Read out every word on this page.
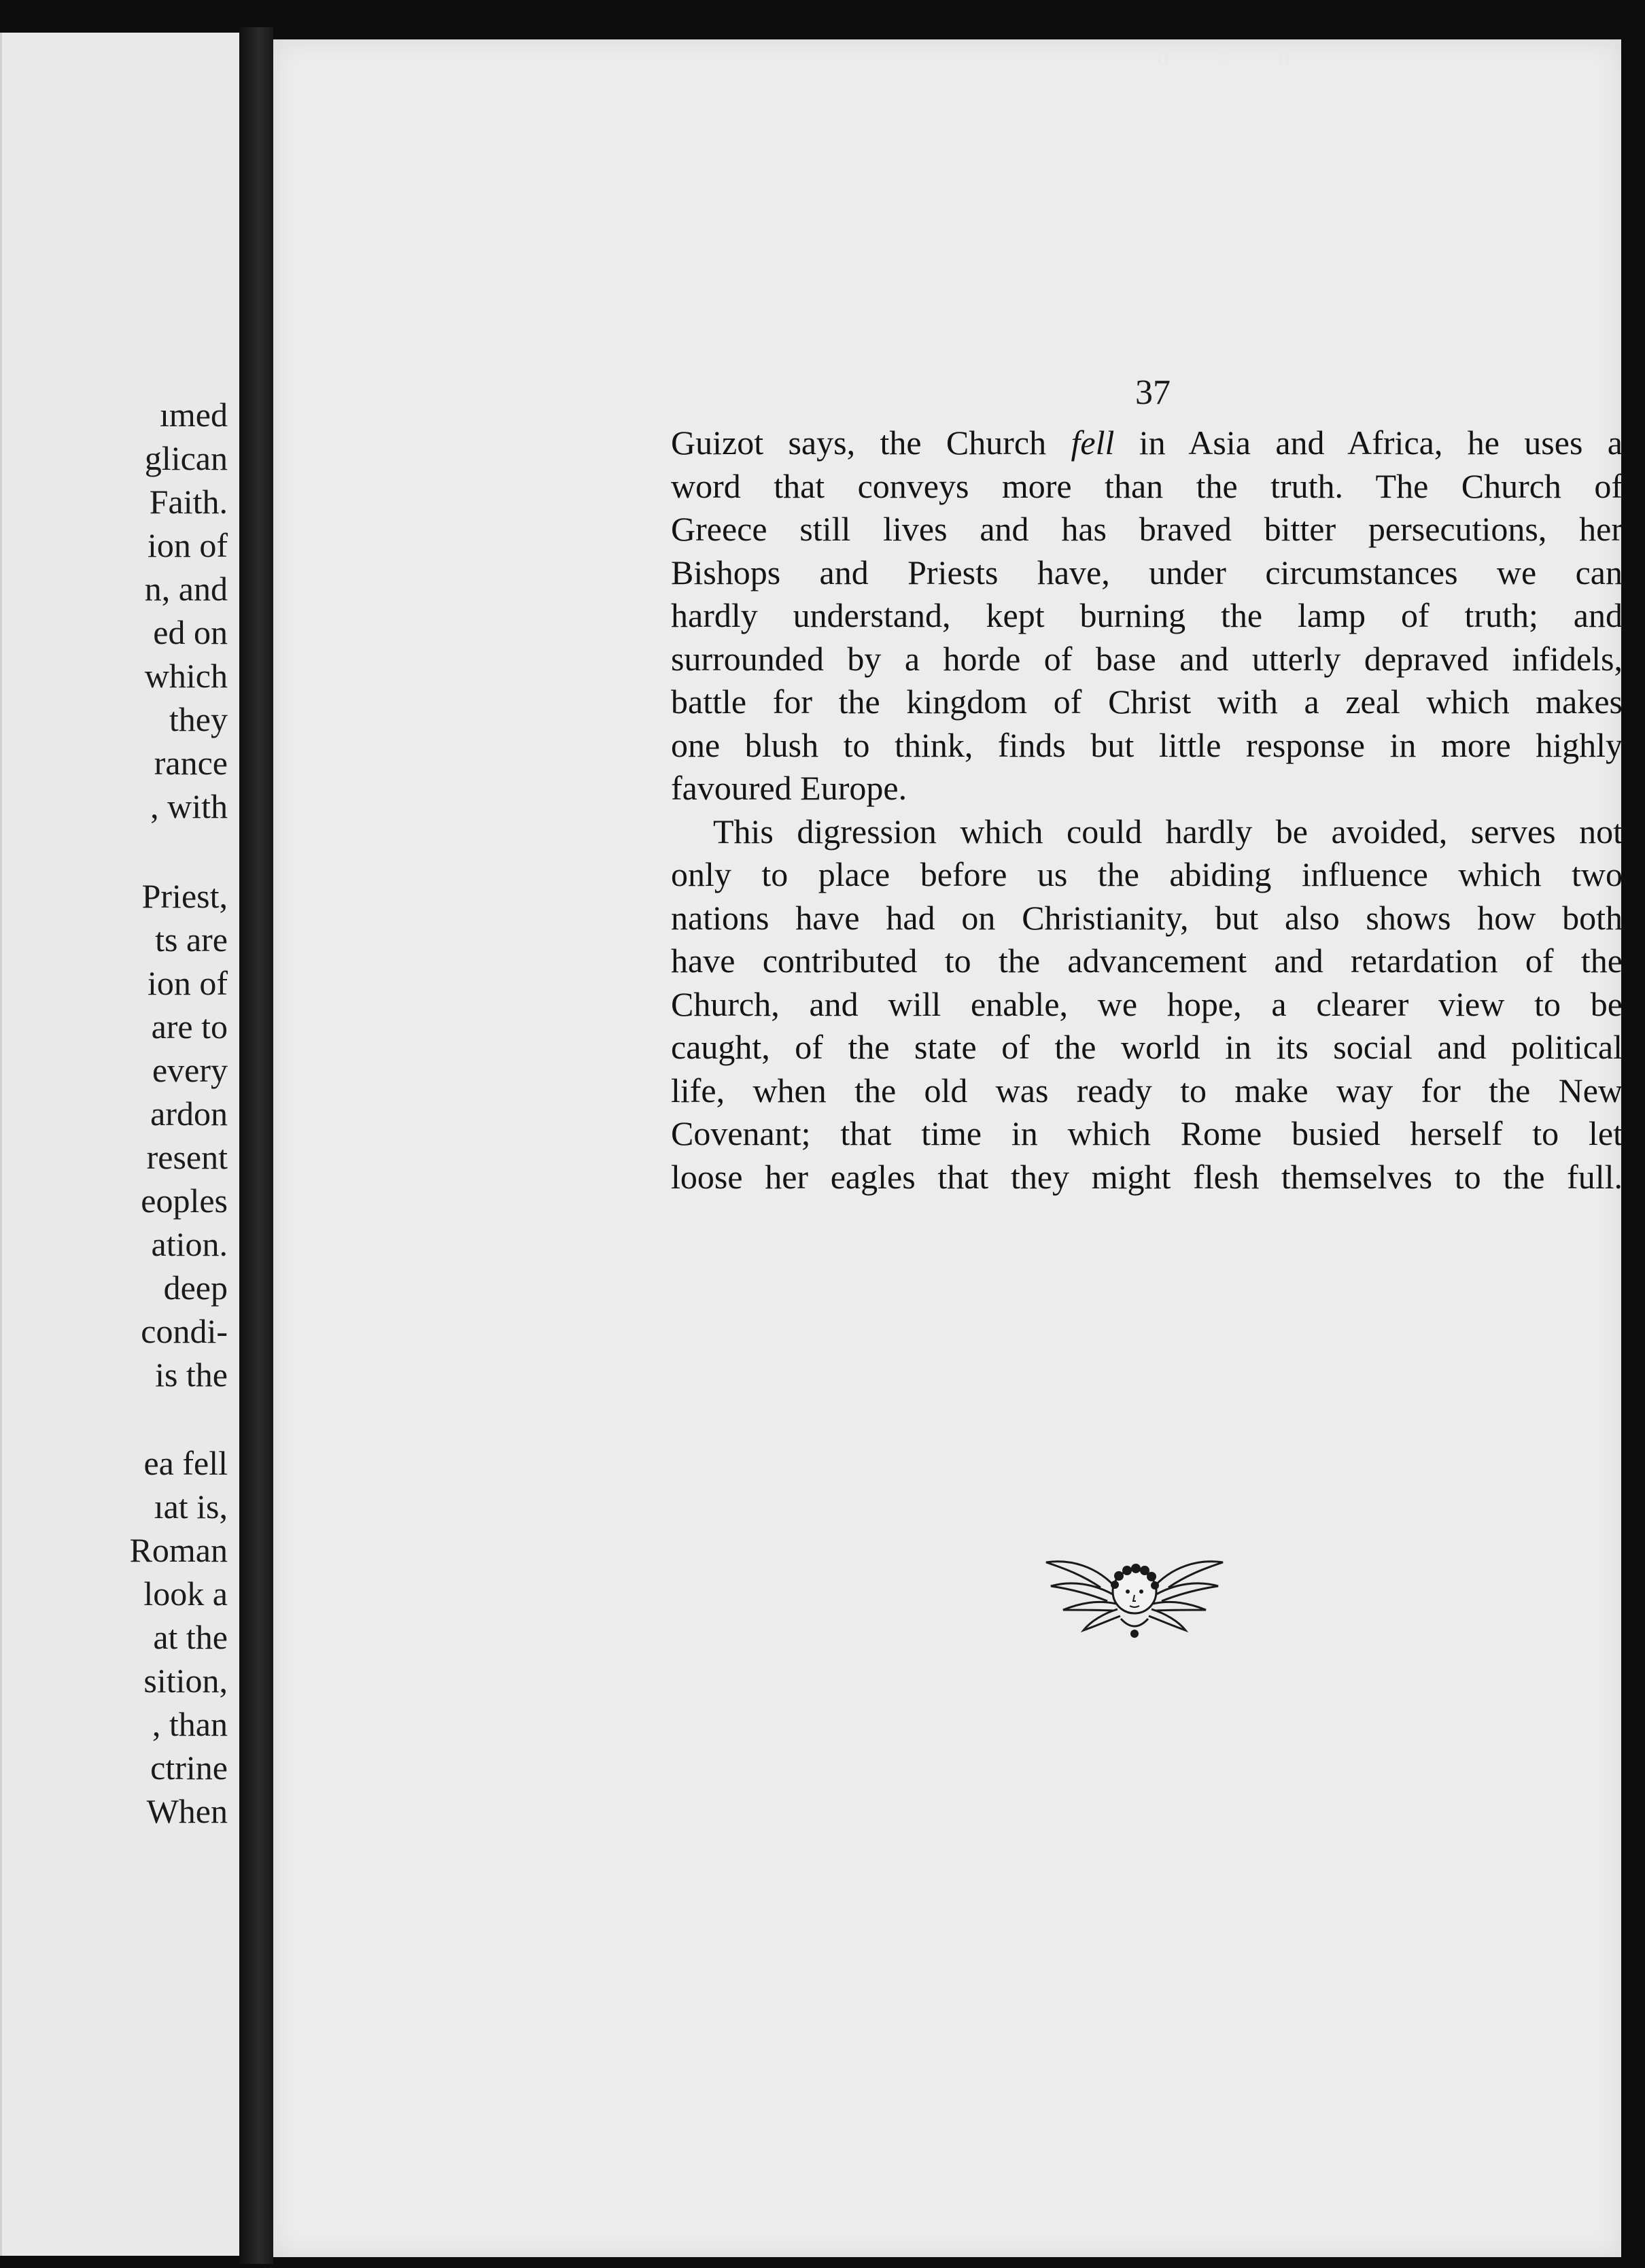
ımed
glican
Faith.
ion of
n, and
ed on
which
they
rance
, with
Priest,
ts are
ion of
are to
every
ardon
resent
eoples
ation.
deep
condi-
is the
ea fell
ıat is,
Roman
look a
at the
sition,
, than
ctrine
When
ɑ ◌ ɑ
37
Guizot says, the Church fell in Asia and Africa, he uses a
word that conveys more than the truth. The Church of
Greece still lives and has braved bitter persecutions, her
Bishops and Priests have, under circumstances we can
hardly understand, kept burning the lamp of truth; and
surrounded by a horde of base and utterly depraved infidels,
battle for the kingdom of Christ with a zeal which makes
one blush to think, finds but little response in more highly
favoured Europe.
This digression which could hardly be avoided, serves not
only to place before us the abiding influence which two
nations have had on Christianity, but also shows how both
have contributed to the advancement and retardation of the
Church, and will enable, we hope, a clearer view to be
caught, of the state of the world in its social and political
life, when the old was ready to make way for the New
Covenant; that time in which Rome busied herself to let
loose her eagles that they might flesh themselves to the full.
